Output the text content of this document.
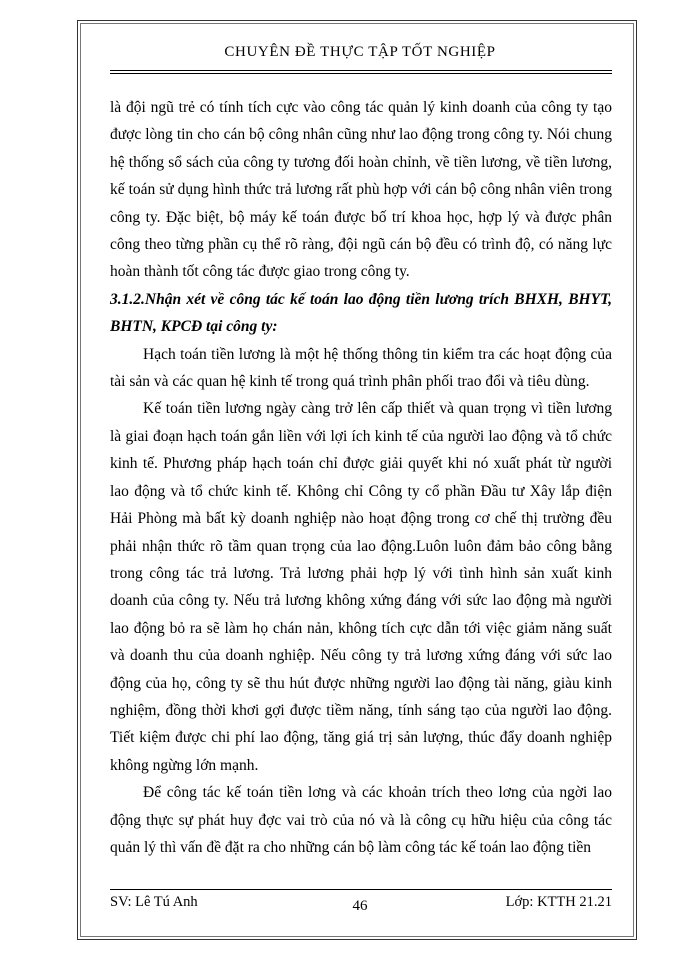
CHUYÊN ĐỀ THỰC TẬP TỐT NGHIỆP

là đội ngũ trẻ có tính tích cực vào công tác quản lý kinh doanh của công ty tạo được lòng tin cho cán bộ công nhân cũng như lao động trong công ty. Nói chung hệ thống sổ sách của công ty tương đối hoàn chỉnh, về tiền lương, về tiền lương, kế toán sử dụng hình thức trả lương rất phù hợp với cán bộ công nhân viên trong công ty. Đặc biệt, bộ máy kế toán được bố trí khoa học, hợp lý và được phân công theo từng phần cụ thể rõ ràng, đội ngũ cán bộ đều có trình độ, có năng lực hoàn thành tốt công tác được giao trong công ty.

3.1.2.Nhận xét về công tác kế toán lao động tiền lương trích BHXH, BHYT, BHTN, KPCĐ tại công ty:

Hạch toán tiền lương là một hệ thống thông tin kiểm tra các hoạt động của tài sản và các quan hệ kinh tế trong quá trình phân phối trao đổi và tiêu dùng.

Kế toán tiền lương ngày càng trở lên cấp thiết và quan trọng vì tiền lương là giai đoạn hạch toán gắn liền với lợi ích kinh tế của người lao động và tổ chức kinh tế. Phương pháp hạch toán chỉ được giải quyết khi nó xuất phát từ người lao động và tổ chức kinh tế. Không chỉ Công ty cổ phần Đầu tư Xây lắp điện Hải Phòng mà bất kỳ doanh nghiệp nào hoạt động trong cơ chế thị trường đều phải nhận thức rõ tầm quan trọng của lao động.Luôn luôn đảm bảo công bằng trong công tác trả lương. Trả lương phải hợp lý với tình hình sản xuất kinh doanh của công ty. Nếu trả lương không xứng đáng với sức lao động mà người lao động bỏ ra sẽ làm họ chán nản, không tích cực dẫn tới việc giảm năng suất và doanh thu của doanh nghiệp. Nếu công ty trả lương xứng đáng với sức lao động của họ, công ty sẽ thu hút được những người lao động tài năng, giàu kinh nghiệm, đồng thời khơi gợi được tiềm năng, tính sáng tạo của người lao động. Tiết kiệm được chi phí lao động, tăng giá trị sản lượng, thúc đẩy doanh nghiệp không ngừng lớn mạnh.

Để công tác kế toán tiền lơng và các khoản trích theo lơng của ngời lao động thực sự phát huy đợc vai trò của nó và là công cụ hữu hiệu của công tác quản lý thì vấn đề đặt ra cho những cán bộ làm công tác kế toán lao động tiền

SV: Lê Tú Anh	46	Lớp: KTTH 21.21
